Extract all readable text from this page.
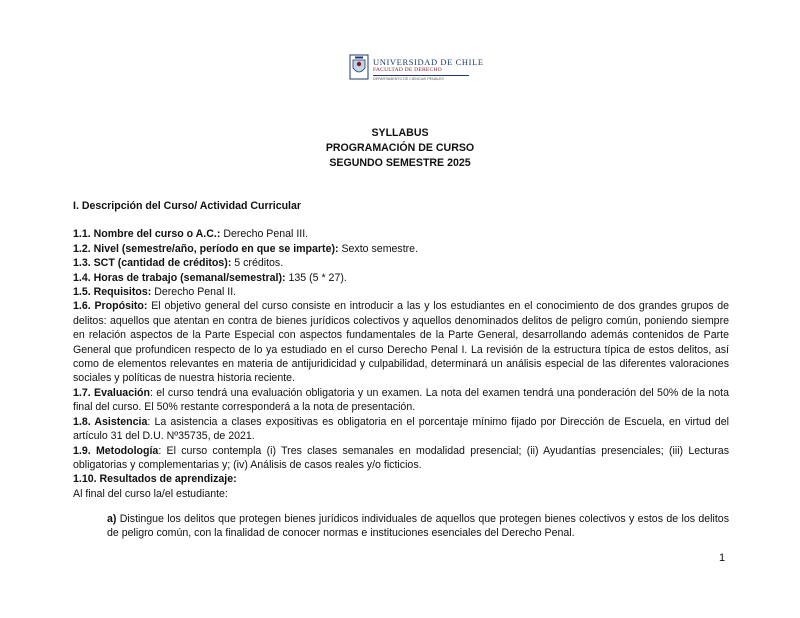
UNIVERSIDAD DE CHILE
FACULTAD DE DERECHO
DEPARTAMENTO DE CIENCIAS PENALES
SYLLABUS
PROGRAMACIÓN DE CURSO
SEGUNDO SEMESTRE 2025
I. Descripción del Curso/ Actividad Curricular

1.1. Nombre del curso o A.C.: Derecho Penal III.

1.2. Nivel (semestre/año, período en que se imparte): Sexto semestre.

1.3. SCT (cantidad de créditos): 5 créditos.

1.4. Horas de trabajo (semanal/semestral): 135 (5 * 27).

1.5. Requisitos: Derecho Penal II.

1.6. Propósito: El objetivo general del curso consiste en introducir a las y los estudiantes en el conocimiento de dos grandes grupos de delitos: aquellos que atentan en contra de bienes jurídicos colectivos y aquellos denominados delitos de peligro común, poniendo siempre en relación aspectos de la Parte Especial con aspectos fundamentales de la Parte General, desarrollando además contenidos de Parte General que profundicen respecto de lo ya estudiado en el curso Derecho Penal I. La revisión de la estructura típica de estos delitos, así como de elementos relevantes en materia de antijuridicidad y culpabilidad, determinará un análisis especial de las diferentes valoraciones sociales y políticas de nuestra historia reciente.

1.7. Evaluación: el curso tendrá una evaluación obligatoria y un examen. La nota del examen tendrá una ponderación del 50% de la nota final del curso. El 50% restante corresponderá a la nota de presentación.

1.8. Asistencia: La asistencia a clases expositivas es obligatoria en el porcentaje mínimo fijado por Dirección de Escuela, en virtud del artículo 31 del D.U. Nº35735, de 2021.

1.9. Metodología: El curso contempla (i) Tres clases semanales en modalidad presencial; (ii) Ayudantías presenciales; (iii) Lecturas obligatorias y complementarias y; (iv) Análisis de casos reales y/o ficticios.

1.10. Resultados de aprendizaje:

Al final del curso la/el estudiante:

a) Distingue los delitos que protegen bienes jurídicos individuales de aquellos que protegen bienes colectivos y estos de los delitos de peligro común, con la finalidad de conocer normas e instituciones esenciales del Derecho Penal.

1
